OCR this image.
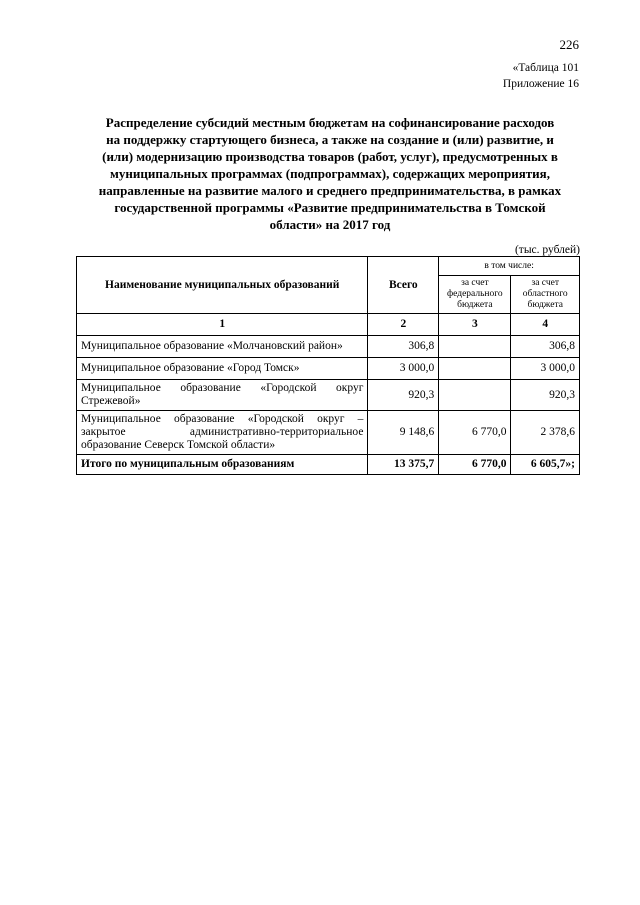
226
«Таблица 101
Приложение 16
Распределение субсидий местным бюджетам на софинансирование расходов
на поддержку стартующего бизнеса, а также на создание и (или) развитие, и
(или) модернизацию производства товаров (работ, услуг), предусмотренных в
муниципальных программах (подпрограммах), содержащих мероприятия,
направленные на развитие малого и среднего предпринимательства, в рамках
государственной программы «Развитие предпринимательства в Томской
области» на 2017 год
(тыс. рублей)
Наименование муниципальных образований	Всего	в том числе:	
		за счет федерального бюджета	за счет областного бюджета
1	2	3	4
Муниципальное образование «Молчановский район»	306,8		306,8
Муниципальное образование «Город Томск»	3 000,0		3 000,0
Муниципальное образование «Городской округ Стрежевой»	920,3		920,3
Муниципальное образование «Городской округ – закрытое административно-территориальное образование Северск Томской области»	9 148,6	6 770,0	2 378,6
Итого по муниципальным образованиям	13 375,7	6 770,0	6 605,7»;
